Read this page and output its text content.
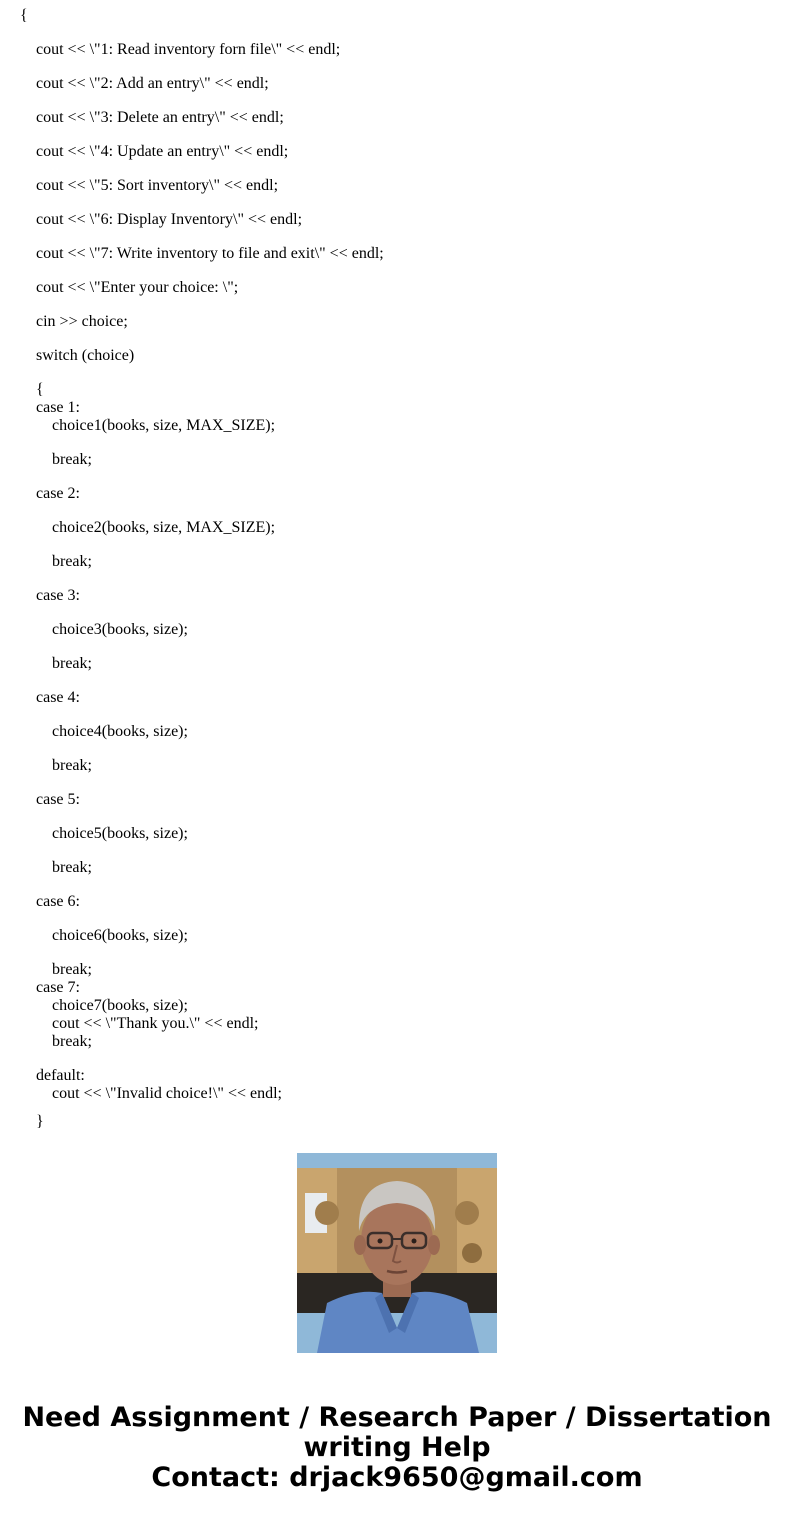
{
cout << \"1: Read inventory forn file\" << endl;
cout << \"2: Add an entry\" << endl;
cout << \"3: Delete an entry\" << endl;
cout << \"4: Update an entry\" << endl;
cout << \"5: Sort inventory\" << endl;
cout << \"6: Display Inventory\" << endl;
cout << \"7: Write inventory to file and exit\" << endl;
cout << \"Enter your choice: \";
cin >> choice;
switch (choice)
{
case 1:
choice1(books, size, MAX_SIZE);
break;
case 2:
choice2(books, size, MAX_SIZE);
break;
case 3:
choice3(books, size);
break;
case 4:
choice4(books, size);
break;
case 5:
choice5(books, size);
break;
case 6:
choice6(books, size);
break;
case 7:
choice7(books, size);
cout << \"Thank you.\" << endl;
break;
default:
cout << \"Invalid choice!\" << endl;
}
Need Assignment / Research Paper / Dissertation
writing Help
Contact: drjack9650@gmail.com
